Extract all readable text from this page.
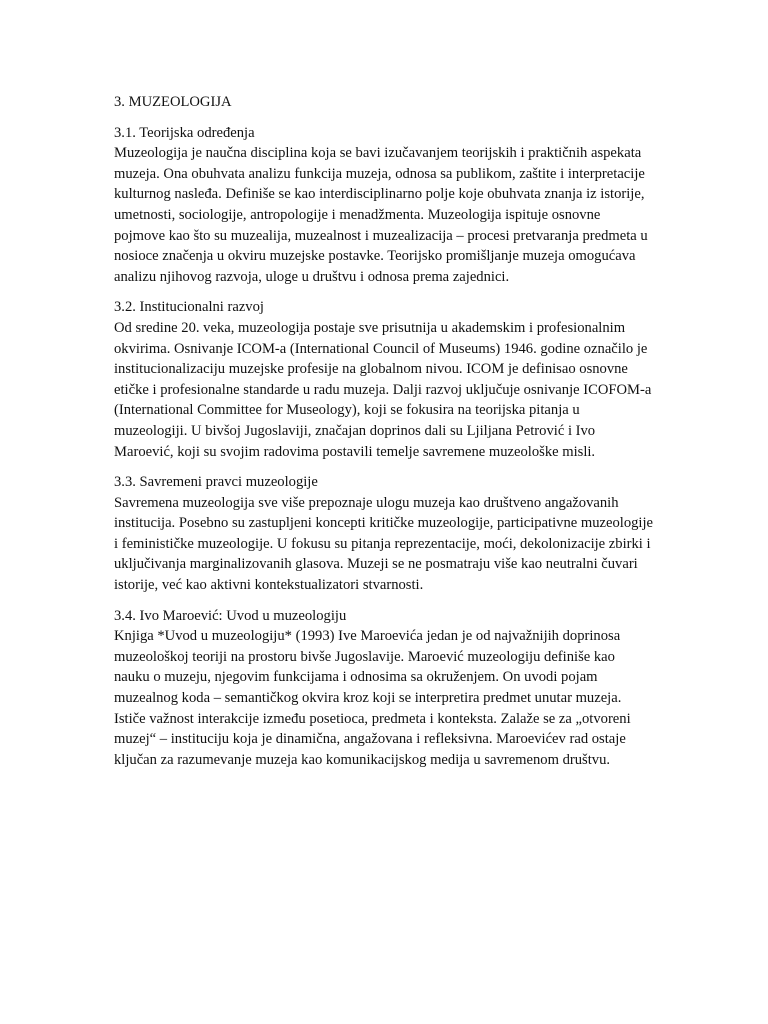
3. MUZEOLOGIJA

3.1. Teorijska određenja

Muzeologija je naučna disciplina koja se bavi izučavanjem teorijskih i praktičnih aspekata muzeja. Ona obuhvata analizu funkcija muzeja, odnosa sa publikom, zaštite i interpretacije kulturnog nasleđa. Definiše se kao interdisciplinarno polje koje obuhvata znanja iz istorije, umetnosti, sociologije, antropologije i menadžmenta. Muzeologija ispituje osnovne pojmove kao što su muzealija, muzealnost i muzealizacija – procesi pretvaranja predmeta u nosioce značenja u okviru muzejske postavke. Teorijsko promišljanje muzeja omogućava analizu njihovog razvoja, uloge u društvu i odnosa prema zajednici.

3.2. Institucionalni razvoj

Od sredine 20. veka, muzeologija postaje sve prisutnija u akademskim i profesionalnim okvirima. Osnivanje ICOM-a (International Council of Museums) 1946. godine označilo je institucionalizaciju muzejske profesije na globalnom nivou. ICOM je definisao osnovne etičke i profesionalne standarde u radu muzeja. Dalji razvoj uključuje osnivanje ICOFOM-a (International Committee for Museology), koji se fokusira na teorijska pitanja u muzeologiji. U bivšoj Jugoslaviji, značajan doprinos dali su Ljiljana Petrović i Ivo Maroević, koji su svojim radovima postavili temelje savremene muzeološke misli.

3.3. Savremeni pravci muzeologije

Savremena muzeologija sve više prepoznaje ulogu muzeja kao društveno angažovanih institucija. Posebno su zastupljeni koncepti kritičke muzeologije, participativne muzeologije i feminističke muzeologije. U fokusu su pitanja reprezentacije, moći, dekolonizacije zbirki i uključivanja marginalizovanih glasova. Muzeji se ne posmatraju više kao neutralni čuvari istorije, već kao aktivni kontekstualizatori stvarnosti.

3.4. Ivo Maroević: Uvod u muzeologiju

Knjiga *Uvod u muzeologiju* (1993) Ive Maroevića jedan je od najvažnijih doprinosa muzeološkoj teoriji na prostoru bivše Jugoslavije. Maroević muzeologiju definiše kao nauku o muzeju, njegovim funkcijama i odnosima sa okruženjem. On uvodi pojam muzealnog koda – semantičkog okvira kroz koji se interpretira predmet unutar muzeja. Ističe važnost interakcije između posetioca, predmeta i konteksta. Zalaže se za „otvoreni muzej“ – instituciju koja je dinamična, angažovana i refleksivna. Maroevićev rad ostaje ključan za razumevanje muzeja kao komunikacijskog medija u savremenom društvu.
